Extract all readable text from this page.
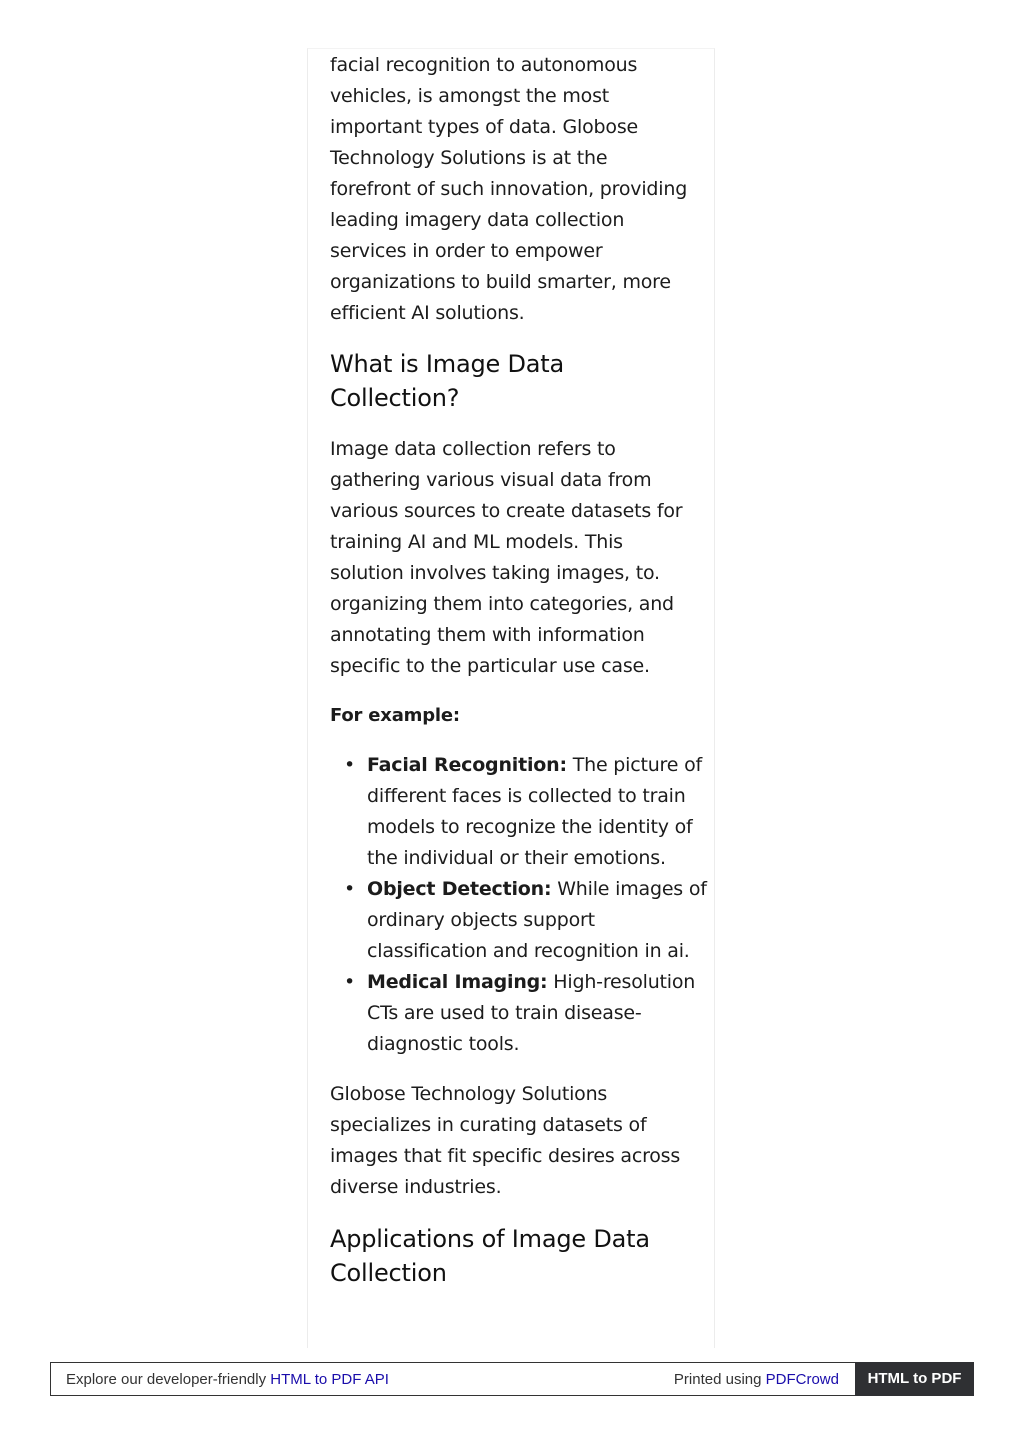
facial recognition to autonomous
vehicles, is amongst the most
important types of data. Globose
Technology Solutions is at the
forefront of such innovation, providing
leading imagery data collection
services in order to empower
organizations to build smarter, more
efficient AI solutions.

What is Image Data
Collection?

Image data collection refers to
gathering various visual data from
various sources to create datasets for
training AI and ML models. This
solution involves taking images, to.
organizing them into categories, and
annotating them with information
specific to the particular use case.

For example:

• Facial Recognition: The picture of
different faces is collected to train
models to recognize the identity of
the individual or their emotions.
• Object Detection: While images of
ordinary objects support
classification and recognition in ai.
• Medical Imaging: High-resolution
CTs are used to train disease-
diagnostic tools.

Globose Technology Solutions
specializes in curating datasets of
images that fit specific desires across
diverse industries.

Applications of Image Data
Collection
Explore our developer-friendly HTML to PDF API	Printed using PDFCrowd	HTML to PDF
